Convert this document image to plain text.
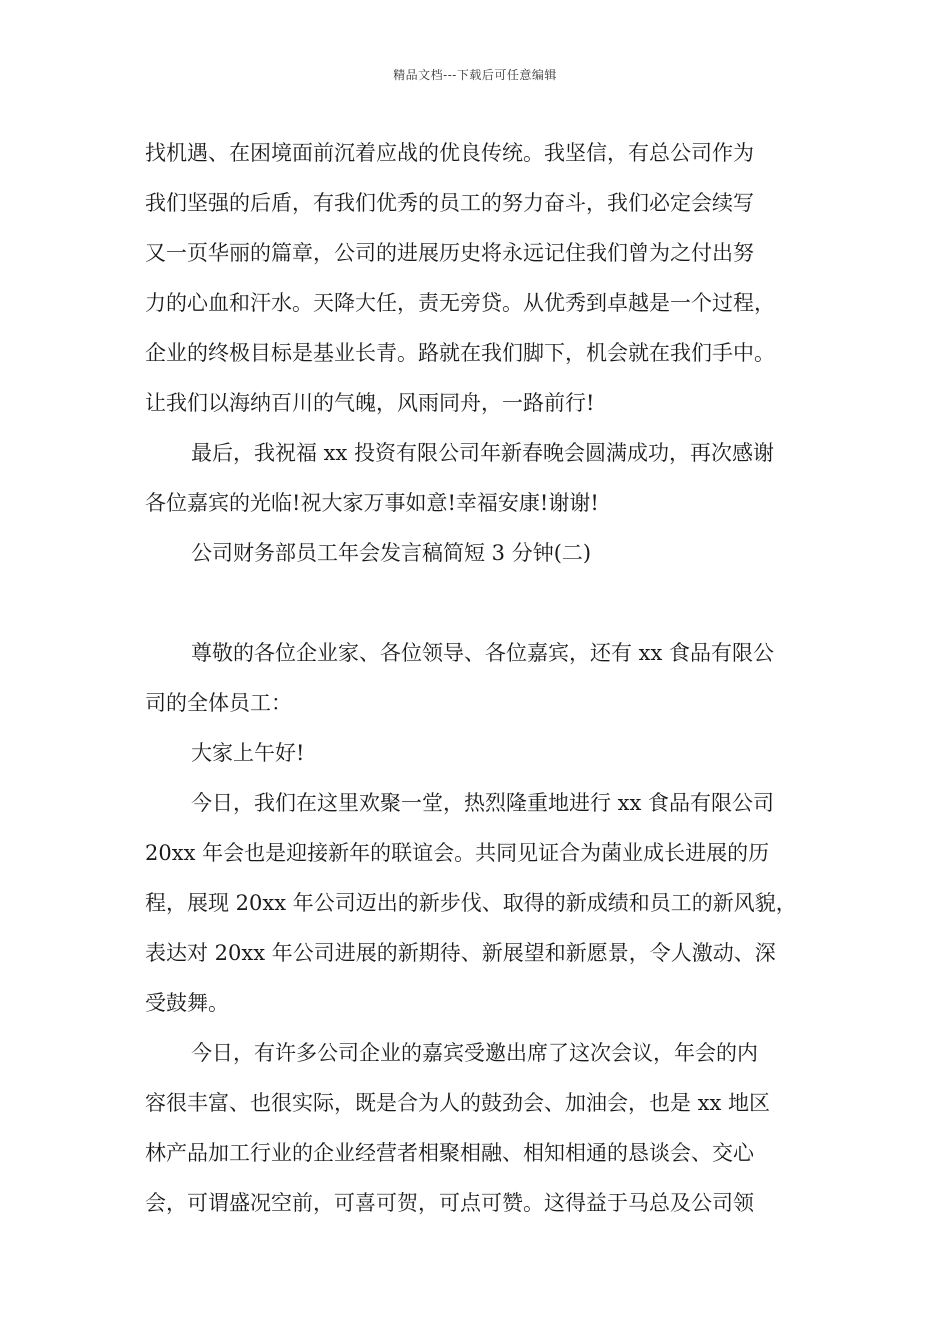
精品文档---下载后可任意编辑
找机遇、在困境面前沉着应战的优良传统。我坚信，有总公司作为
我们坚强的后盾，有我们优秀的员工的努力奋斗，我们必定会续写
又一页华丽的篇章，公司的进展历史将永远记住我们曾为之付出努
力的心血和汗水。天降大任，责无旁贷。从优秀到卓越是一个过程，
企业的终极目标是基业长青。路就在我们脚下，机会就在我们手中。
让我们以海纳百川的气魄，风雨同舟，一路前行!
最后，我祝福 xx 投资有限公司年新春晚会圆满成功，再次感谢
各位嘉宾的光临!祝大家万事如意!幸福安康!谢谢!
公司财务部员工年会发言稿简短 3 分钟(二)
尊敬的各位企业家、各位领导、各位嘉宾，还有 xx 食品有限公
司的全体员工：
大家上午好!
今日，我们在这里欢聚一堂，热烈隆重地进行 xx 食品有限公司
20xx 年会也是迎接新年的联谊会。共同见证合为菌业成长进展的历
程，展现 20xx 年公司迈出的新步伐、取得的新成绩和员工的新风貌，
表达对 20xx 年公司进展的新期待、新展望和新愿景，令人激动、深
受鼓舞。
今日，有许多公司企业的嘉宾受邀出席了这次会议，年会的内
容很丰富、也很实际，既是合为人的鼓劲会、加油会，也是 xx 地区
林产品加工行业的企业经营者相聚相融、相知相通的恳谈会、交心
会，可谓盛况空前，可喜可贺，可点可赞。这得益于马总及公司领
